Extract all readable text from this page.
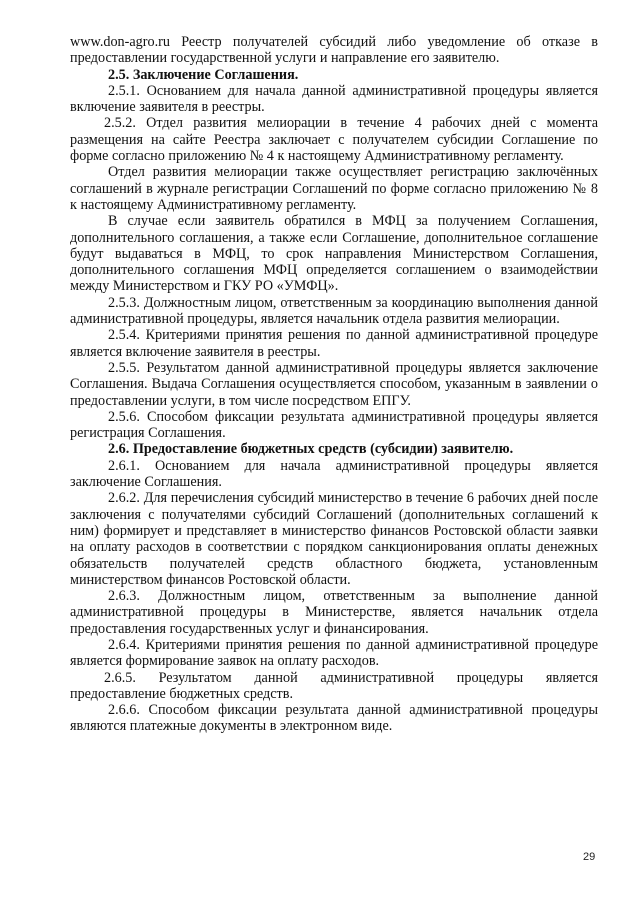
www.don-agro.ru Реестр получателей субсидий либо уведомление об отказе в предоставлении государственной услуги и направление его заявителю.

2.5. Заключение Соглашения.

2.5.1. Основанием для начала данной административной процедуры является включение заявителя в реестры.

2.5.2. Отдел развития мелиорации в течение 4 рабочих дней с момента размещения на сайте Реестра заключает с получателем субсидии Соглашение по форме согласно приложению № 4 к настоящему Административному регламенту.

Отдел развития мелиорации также осуществляет регистрацию заключённых соглашений в журнале регистрации Соглашений по форме согласно приложению № 8 к настоящему Административному регламенту.

В случае если заявитель обратился в МФЦ за получением Соглашения, дополнительного соглашения, а также если Соглашение, дополнительное соглашение будут выдаваться в МФЦ, то срок направления Министерством Соглашения, дополнительного соглашения МФЦ определяется соглашением о взаимодействии между Министерством и ГКУ РО «УМФЦ».

2.5.3. Должностным лицом, ответственным за координацию выполнения данной административной процедуры, является начальник отдела развития мелиорации.

2.5.4. Критериями принятия решения по данной административной процедуре является включение заявителя в реестры.

2.5.5. Результатом данной административной процедуры является заключение Соглашения. Выдача Соглашения осуществляется способом, указанным в заявлении о предоставлении услуги, в том числе посредством ЕПГУ.

2.5.6. Способом фиксации результата административной процедуры является регистрация Соглашения.

2.6. Предоставление бюджетных средств (субсидии) заявителю.

2.6.1. Основанием для начала административной процедуры является заключение Соглашения.

2.6.2. Для перечисления субсидий министерство в течение 6 рабочих дней после заключения с получателями субсидий Соглашений (дополнительных соглашений к ним) формирует и представляет в министерство финансов Ростовской области заявки на оплату расходов в соответствии с порядком санкционирования оплаты денежных обязательств получателей средств областного бюджета, установленным министерством финансов Ростовской области.

2.6.3. Должностным лицом, ответственным за выполнение данной административной процедуры в Министерстве, является начальник отдела предоставления государственных услуг и финансирования.

2.6.4. Критериями принятия решения по данной административной процедуре является формирование заявок на оплату расходов.

2.6.5. Результатом данной административной процедуры является предоставление бюджетных средств.

2.6.6. Способом фиксации результата данной административной процедуры являются платежные документы в электронном виде.

29
